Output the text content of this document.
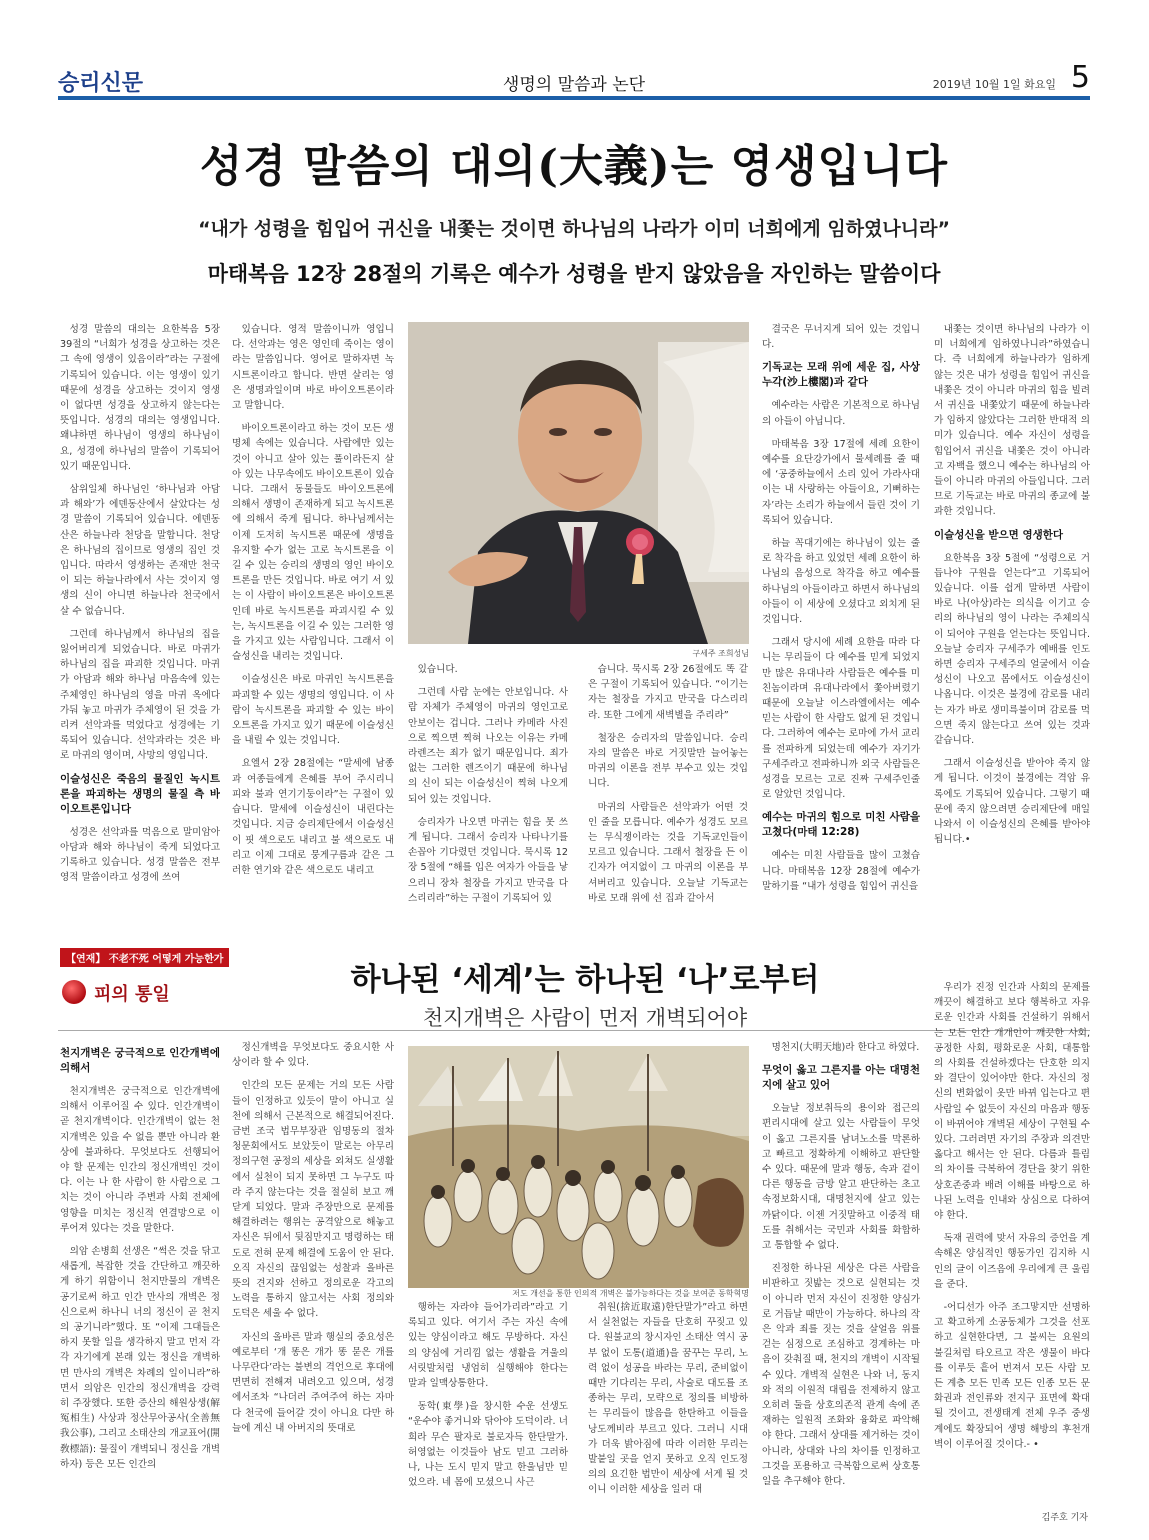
승리신문	생명의 말씀과 논단	2019년 10월 1일 화요일 5
성경 말씀의 대의(大義)는 영생입니다
“내가 성령을 힘입어 귀신을 내쫓는 것이면 하나님의 나라가 이미 너희에게 임하였나니라”
마태복음 12장 28절의 기록은 예수가 성령을 받지 않았음을 자인하는 말씀이다

성경 말씀의 대의는 요한복음 5장 39절의 “너희가 성경을 상고하는 것은 그 속에 영생이 있음이라”라는 구절에 기록되어 있습니다. 이는 영생이 있기 때문에 성경을 상고하는 것이지 영생이 없다면 성경을 상고하지 않는다는 뜻입니다. 성경의 대의는 영생입니다. 왜냐하면 하나님이 영생의 하나님이요, 성경에 하나님의 말씀이 기록되어 있기 때문입니다.

삼위일체 하나님인 ‘하나님과 아담과 해와’가 에덴동산에서 살았다는 성경 말씀이 기록되어 있습니다. 에덴동산은 하늘나라 천당을 말합니다. 천당은 하나님의 집이므로 영생의 집인 것입니다. 따라서 영생하는 존재만 천국이 되는 하늘나라에서 사는 것이지 영생의 신이 아니면 하늘나라 천국에서 살 수 없습니다.

그런데 하나님께서 하나님의 집을 잃어버리게 되었습니다. 바로 마귀가 하나님의 집을 파괴한 것입니다. 마귀가 아담과 해와 하나님 마음속에 있는 주체영인 하나님의 영을 마귀 옥에다 가둬 놓고 마귀가 주체영이 된 것을 가리켜 선악과를 먹었다고 성경에는 기록되어 있습니다. 선악과라는 것은 바로 마귀의 영이며, 사망의 영입니다.

이슬성신은 죽음의 물질인 녹시트론을 파괴하는 생명의 물질 측 바이오트론입니다

성경은 선악과를 먹음으로 말미암아 아담과 해와 하나님이 죽게 되었다고 기록하고 있습니다. 성경 말씀은 전부 영적 말씀이라고 성경에 쓰여

있습니다. 영적 말씀이니까 영입니다. 선악과는 영은 영인데 죽이는 영이라는 말씀입니다. 영어로 말하자면 녹시트론이라고 합니다. 반면 살리는 영은 생명과일이며 바로 바이오트론이라고 말합니다.

바이오트론이라고 하는 것이 모든 생명체 속에는 있습니다. 사람에만 있는 것이 아니고 살아 있는 풀이라든지 살아 있는 나무속에도 바이오트론이 있습니다. 그래서 동물들도 바이오트론에 의해서 생명이 존재하게 되고 녹시트론에 의해서 죽게 됩니다. 하나님께서는 이제 도저히 녹시트론 때문에 생명을 유지할 수가 없는 고로 녹시트론을 이길 수 있는 승리의 생명의 영인 바이오트론을 만든 것입니다. 바로 여기 서 있는 이 사람이 바이오트론은 바이오트론인데 바로 녹시트론을 파괴시킬 수 있는, 녹시트론을 이길 수 있는 그러한 영을 가지고 있는 사람입니다. 그래서 이슬성신을 내리는 것입니다.

이슬성신은 바로 마귀인 녹시트론을 파괴할 수 있는 생명의 영입니다. 이 사람이 녹시트론을 파괴할 수 있는 바이오트론을 가지고 있기 때문에 이슬성신을 내릴 수 있는 것입니다.

요엘서 2장 28절에는 “말세에 남종과 여종들에게 은혜를 부어 주시리니 피와 불과 연기기둥이라”는 구절이 있습니다. 말세에 이슬성신이 내린다는 것입니다. 지금 승리제단에서 이슬성신이 핏 색으로도 내리고 불 색으로도 내리고 이제 그대로 뭉게구름과 같은 그러한 연기와 같은 색으로도 내리고

구세주 조희성님

있습니다.

그런데 사람 눈에는 안보입니다. 사람 자체가 주체영이 마귀의 영인고로 안보이는 겁니다. 그러나 카메라 사진으로 찍으면 찍혀 나오는 이유는 카메라렌즈는 죄가 없기 때문입니다. 죄가 없는 그러한 렌즈이기 때문에 하나님의 신이 되는 이슬성신이 찍혀 나오게 되어 있는 것입니다.

승리자가 나오면 마귀는 힘을 못 쓰게 됩니다. 그래서 승리자 나타나기를 손꼽아 기다렸던 것입니다. 묵시록 12장 5절에 “해를 입은 여자가 아들을 낳으리니 장차 철장을 가지고 만국을 다스리리라”하는 구절이 기록되어 있

습니다. 묵시록 2장 26절에도 똑 같은 구절이 기록되어 있습니다. “이기는 자는 철장을 가지고 만국을 다스리리라. 또한 그에게 새벽별을 주리라”

철장은 승리자의 말씀입니다. 승리자의 말씀은 바로 거짓말만 늘어놓는 마귀의 이론을 전부 부수고 있는 것입니다.

마귀의 사람들은 선악과가 어떤 것인 줄을 모릅니다. 예수가 성경도 모르는 무식쟁이라는 것을 기독교인들이 모르고 있습니다. 그래서 철장을 든 이긴자가 여지없이 그 마귀의 이론을 부셔버리고 있습니다. 오늘날 기독교는 바로 모래 위에 선 집과 같아서

결국은 무너지게 되어 있는 것입니다.

기독교는 모래 위에 세운 집, 사상누각(沙上樓閣)과 같다

예수라는 사람은 기본적으로 하나님의 아들이 아닙니다.

마태복음 3장 17절에 세례 요한이 예수를 요단강가에서 물세례를 줄 때에 ‘공중하늘에서 소리 있어 가라사대 이는 내 사랑하는 아들이요, 기뻐하는 자’라는 소리가 하늘에서 들린 것이 기록되어 있습니다.

하늘 꼭대기에는 하나님이 있는 줄로 착각을 하고 있었던 세례 요한이 하나님의 음성으로 착각을 하고 예수를 하나님의 아들이라고 하면서 하나님의 아들이 이 세상에 오셨다고 외치게 된 것입니다.

그래서 당시에 세례 요한을 따라 다니는 무리들이 다 예수를 믿게 되었지만 많은 유대나라 사람들은 예수를 미친놈이라며 유대나라에서 쫓아버렸기 때문에 오늘날 이스라엘에서는 예수 믿는 사람이 한 사람도 없게 된 것입니다. 그러하여 예수는 로마에 가서 교리를 전파하게 되었는데 예수가 자기가 구세주라고 전파하니까 외국 사람들은 성경을 모르는 고로 진짜 구세주인줄로 알았던 것입니다.

예수는 마귀의 힘으로 미친 사람을 고쳤다(마태 12:28)

예수는 미친 사람들을 많이 고쳤습니다. 마태복음 12장 28절에 예수가 말하기를 “내가 성령을 힘입어 귀신을

내쫓는 것이면 하나님의 나라가 이미 너희에게 임하였나니라”하였습니다. 즉 너희에게 하늘나라가 임하게 않는 것은 내가 성령을 힘입어 귀신을 내쫓은 것이 아니라 마귀의 힘을 빌려서 귀신을 내쫓았기 때문에 하늘나라가 임하지 않았다는 그러한 반대적 의미가 있습니다. 예수 자신이 성령을 힘입어서 귀신을 내쫓은 것이 아니라고 자백을 했으니 예수는 하나님의 아들이 아니라 마귀의 아들입니다. 그러므로 기독교는 바로 마귀의 종교에 불과한 것입니다.

이슬성신을 받으면 영생한다

요한복음 3장 5절에 “성령으로 거듭나야 구원을 얻는다”고 기록되어 있습니다. 이를 쉽게 말하면 사람이 바로 나(아상)라는 의식을 이기고 승리의 하나님의 영이 나라는 주체의식이 되어야 구원을 얻는다는 뜻입니다. 오늘날 승리자 구세주가 예배를 인도하면 승리자 구세주의 얼굴에서 이슬성신이 나오고 몸에서도 이슬성신이 나옵니다. 이것은 불경에 감로를 내리는 자가 바로 생미륵불이며 감로를 먹으면 죽지 않는다고 쓰여 있는 것과 같습니다.

그래서 이슬성신을 받아야 죽지 않게 됩니다. 이것이 불경에는 격암 유록에도 기록되어 있습니다. 그렇기 때문에 죽지 않으려면 승리제단에 매일 나와서 이 이슬성신의 은혜를 받아야 됩니다.•

【연재】 不老不死 어떻게 가능한가
피의 통일	하나된 ‘세계’는 하나된 ‘나’로부터
천지개벽은 사람이 먼저 개벽되어야
천지개벽은 궁극적으로 인간개벽에 의해서

천지개벽은 궁극적으로 인간개벽에 의해서 이루어질 수 있다. 인간개벽이 곧 천지개벽이다. 인간개벽이 없는 천지개벽은 있을 수 없을 뿐만 아니라 환상에 불과하다. 무엇보다도 선행되어야 할 문제는 인간의 정신개벽인 것이다. 이는 나 한 사람이 한 사람으로 그치는 것이 아니라 주변과 사회 전체에 영향을 미치는 정신적 연결망으로 이루어져 있다는 것을 말한다.

의암 손병희 선생은 “썩은 것을 닦고 새롭게, 복잡한 것을 간단하고 깨끗하게 하기 위함이니 천지만물의 개벽은 공기로써 하고 인간 만사의 개벽은 정신으로써 하나니 너의 정신이 곧 천지의 공기니라”했다. 또 “이제 그대들은 하지 못할 일을 생각하지 말고 먼저 각각 자기에게 본래 있는 정신을 개벽하면 만사의 개벽은 차례의 일이니라”하면서 의암은 인간의 정신개벽을 강력히 주장했다. 또한 증산의 해원상생(解冤相生) 사상과 정산무아공사(全善無我公事), 그리고 소태산의 개교표어(開敎標語): 물질이 개벽되니 정신을 개벽하자) 등은 모든 인간의

정신개벽을 무엇보다도 중요시한 사상이라 할 수 있다.

인간의 모든 문제는 거의 모든 사람들이 인정하고 있듯이 말이 아니고 실천에 의해서 근본적으로 해결되어진다. 금번 조국 법무부장관 임명동의 절차 청문회에서도 보았듯이 말로는 아무리 정의구현 공정의 세상을 외쳐도 실생활에서 실천이 되지 못하면 그 누구도 따라 주지 않는다는 것을 절실히 보고 깨닫게 되었다. 말과 주장만으로 문제를 해결하려는 행위는 공격앞으로 해놓고 자신은 뒤에서 뒷짐만지고 명령하는 태도로 전혀 문제 해결에 도움이 안 된다. 오직 자신의 끊임없는 성찰과 올바른 뜻의 견지와 선하고 정의로운 각고의 노력을 통하지 않고서는 사회 정의와 도덕은 세울 수 없다.

자신의 올바른 말과 행실의 중요성은 예로부터 ‘개 똥은 개가 똥 묻은 개를 나무란다’라는 불변의 격언으로 후대에 면면히 전해져 내려오고 있으며, 성경에서조차 “나더러 주여주여 하는 자마다 천국에 들어갈 것이 아니요 다만 하늘에 계신 내 아버지의 뜻대로

저도 개선을 통한 인의적 개벽은 불가능하다는 것을 보여준 동학혁명

행하는 자라야 들어가리라”라고 기록되고 있다. 여기서 주는 자신 속에 있는 양심이라고 해도 무방하다. 자신의 양심에 거리낌 없는 생활을 겨울의 서릿발처럼 냉엄히 실행해야 한다는 말과 일맥상통한다.

동학(東學)을 창시한 수운 선생도 “운수야 좋거니와 닦아야 도덕이라. 너희라 무슨 팔자로 불로자득 한단말가. 허영없는 이것들아 남도 믿고 그러하나, 나는 도시 믿지 말고 한울님만 믿었으라. 네 몸에 모셨으니 사근

취원(捨近取遠)한단말가”라고 하면서 실천없는 자들을 단호히 꾸짖고 있다. 원불교의 창시자인 소태산 역시 공부 없이 도통(道通)을 꿈꾸는 무리, 노력 없이 성공을 바라는 무리, 준비없이 때만 기다리는 무리, 사술로 대도를 조종하는 무리, 모략으로 정의를 비방하는 무리들이 많음을 한탄하고 이들을 낭도께비라 부르고 있다. 그러니 시대가 더욱 밝아짐에 따라 이러한 무리는 발붙일 곳을 얻지 못하고 오직 인도정의의 요긴한 법만이 세상에 서게 될 것이니 이러한 세상을 일러 대

명천지(大明天地)라 한다고 하였다.

무엇이 옳고 그른지를 아는 대명천지에 살고 있어

오늘날 정보취득의 용이와 접근의 편리시대에 살고 있는 사람들이 무엇이 옳고 그른지를 남녀노소를 막론하고 빠르고 정확하게 이해하고 판단할 수 있다. 때문에 말과 행동, 속과 겉이 다른 행동을 금방 알고 판단하는 초고속정보화시대, 대명천지에 살고 있는 까닭이다. 이젠 거짓말하고 이중적 태도를 취해서는 국민과 사회를 화합하고 통합할 수 없다.

진정한 하나된 세상은 다른 사람을 비판하고 짓밟는 것으로 실현되는 것이 아니라 먼저 자신이 진정한 양심가로 거듭날 때만이 가능하다. 하나의 작은 악과 죄를 짓는 것을 살얼음 위를 걷는 심정으로 조심하고 경계하는 마음이 갖춰질 때, 천지의 개벽이 시작될 수 있다. 개벽적 실현은 나와 너, 동지와 적의 이원적 대립을 전제하지 않고 오히려 둘을 상호의존적 관계 속에 존재하는 일원적 조화와 융화로 파악해야 한다. 그래서 상대를 제거하는 것이 아니라, 상대와 나의 차이를 인정하고 그것을 포용하고 극복함으로써 상호통일을 추구해야 한다.

우리가 진정 인간과 사회의 문제를 깨끗이 해결하고 보다 행복하고 자유로운 인간과 사회를 건설하기 위해서는 모든 인간 개개인이 깨끗한 사회, 공정한 사회, 평화로운 사회, 대통합의 사회를 건설하겠다는 단호한 의지와 결단이 있어야만 한다. 자신의 정신의 변화없이 옷만 바뀌 입는다고 편사람일 수 없듯이 자신의 마음과 행동이 바뀌어야 개벽된 세상이 구현될 수 있다. 그러려면 자기의 주장과 의견만 옳다고 해서는 안 된다. 다름과 틀림의 차이를 극복하여 경단을 찾기 위한 상호존중과 배려 이해를 바탕으로 하나된 노력을 인내와 상심으로 다하여야 한다.

독재 권력에 맞서 자유의 증언을 계속해온 양심적인 행동가인 김지하 시인의 글이 이즈음에 우리에게 큰 울림을 준다.

-어디선가 아주 조그맣지만 선명하고 확고하게 소공동체가 그것을 선포하고 실현한다면, 그 불씨는 요원의 불길처럼 타오르고 작은 생물이 바다를 이루듯 흩어 번져서 모든 사람 모든 계층 모든 민족 모든 인종 모든 문화권과 전인류와 전지구 표면에 확대될 것이고, 전생태계 전체 우주 중생계에도 확장되어 생명 해방의 후천개벽이 이루어질 것이다.- •

김주호 기자
